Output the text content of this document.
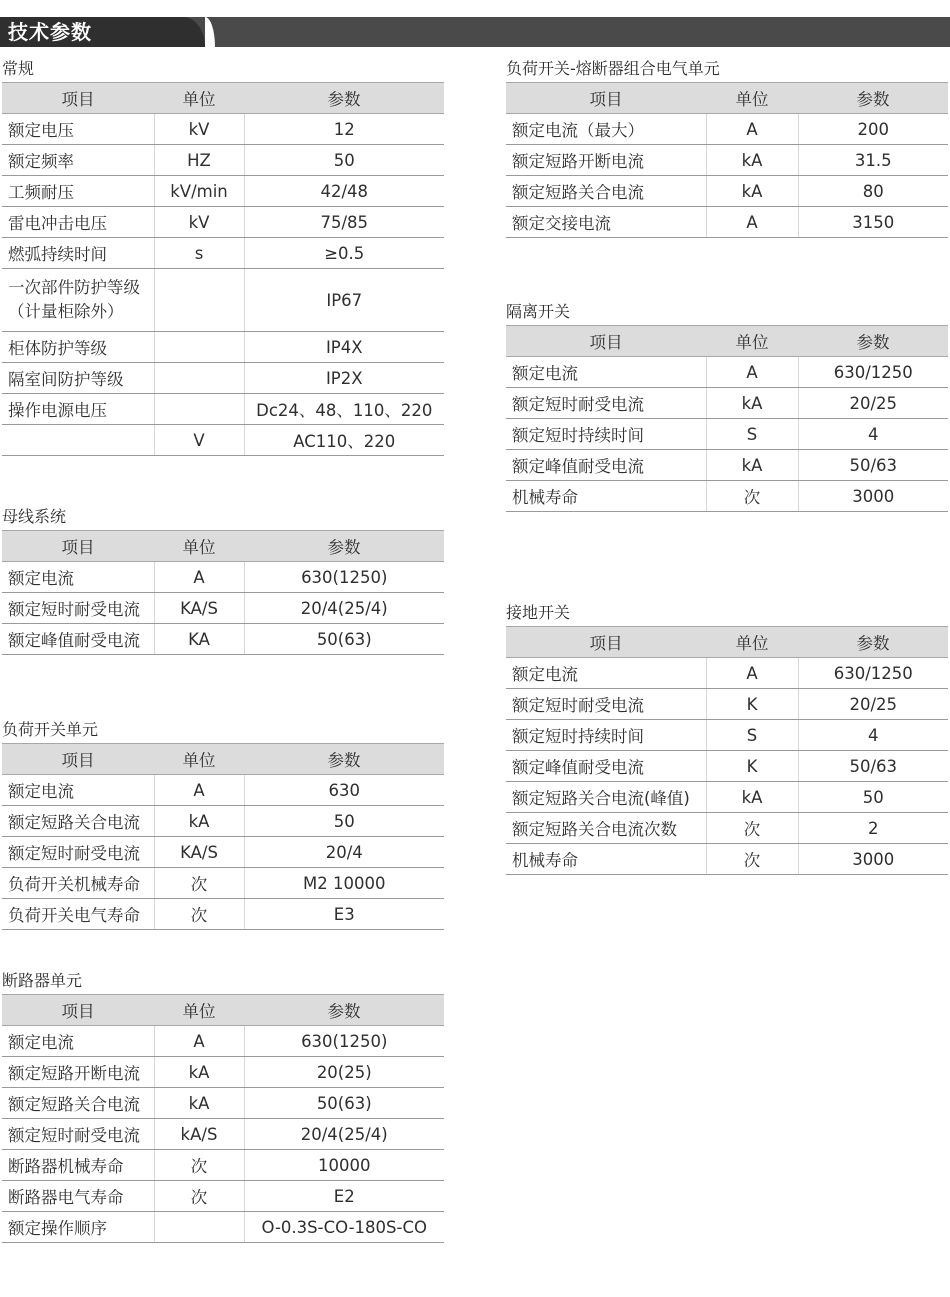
技术参数
常规
项目	单位	参数
额定电压	kV	12
额定频率	HZ	50
工频耐压	kV/min	42/48
雷电冲击电压	kV	75/85
燃弧持续时间	s	≥0.5
一次部件防护等级
（计量柜除外）		IP67
柜体防护等级		IP4X
隔室间防护等级		IP2X
操作电源电压		Dc24、48、110、220
	V	AC110、220
母线系统
项目	单位	参数
额定电流	A	630(1250)
额定短时耐受电流	KA/S	20/4(25/4)
额定峰值耐受电流	KA	50(63)
负荷开关单元
项目	单位	参数
额定电流	A	630
额定短路关合电流	kA	50
额定短时耐受电流	KA/S	20/4
负荷开关机械寿命	次	M2 10000
负荷开关电气寿命	次	E3
断路器单元
项目	单位	参数
额定电流	A	630(1250)
额定短路开断电流	kA	20(25)
额定短路关合电流	kA	50(63)
额定短时耐受电流	kA/S	20/4(25/4)
断路器机械寿命	次	10000
断路器电气寿命	次	E2
额定操作顺序		O-0.3S-CO-180S-CO
负荷开关-熔断器组合电气单元
项目	单位	参数
额定电流（最大）	A	200
额定短路开断电流	kA	31.5
额定短路关合电流	kA	80
额定交接电流	A	3150
隔离开关
项目	单位	参数
额定电流	A	630/1250
额定短时耐受电流	kA	20/25
额定短时持续时间	S	4
额定峰值耐受电流	kA	50/63
机械寿命	次	3000
接地开关
项目	单位	参数
额定电流	A	630/1250
额定短时耐受电流	K	20/25
额定短时持续时间	S	4
额定峰值耐受电流	K	50/63
额定短路关合电流(峰值)	kA	50
额定短路关合电流次数	次	2
机械寿命	次	3000
